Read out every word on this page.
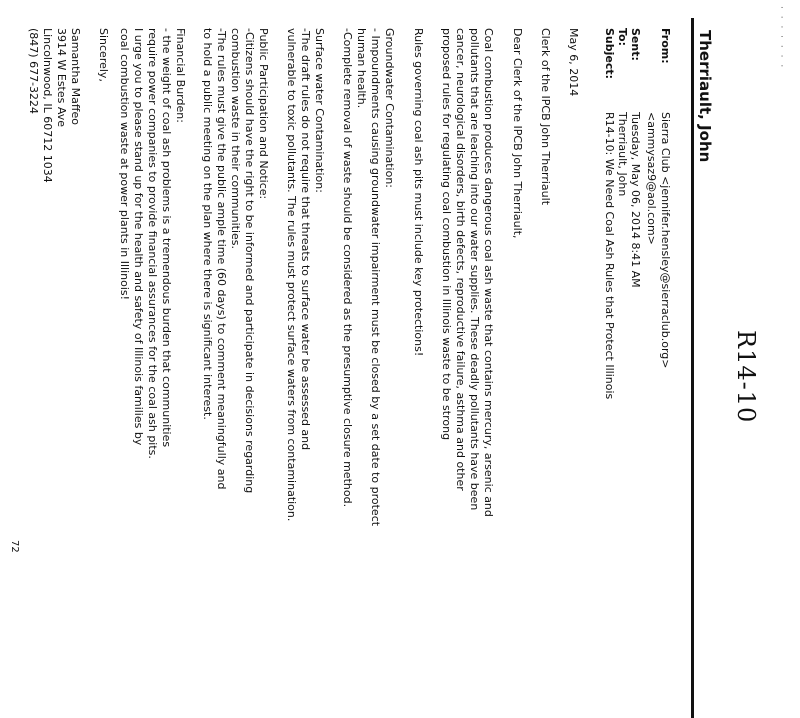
R14-10
· · · · · · ·
Therriault, John
From:
Sierra Club <jennifer.hensley@sierraclub.org>
<ammysaz9@aol.com>
Sent:
Tuesday, May 06, 2014 8:41 AM
To:
Therriault, John
Subject:
R14-10: We Need Coal Ash Rules that Protect Illinois
May 6, 2014
Clerk of the IPCB John Therriault
Dear Clerk of the IPCB John Therriault,
Coal combustion produces dangerous coal ash waste that contains mercury, arsenic and
pollutants that are leaching into our water supplies. These deadly pollutants have been
cancer, neurological disorders, birth defects, reproductive failure, asthma and other
proposed rules for regulating coal combustion in Illinois waste to be strong
Rules governing coal ash pits must include key protections!
Groundwater Contamination:
- Impoundments causing groundwater impairment must be closed by a set date to protect
human health.
-Complete removal of waste should be considered as the presumptive closure method.
Surface water Contamination:
-The draft rules do not require that threats to surface water be assessed and
vulnerable to toxic pollutants. The rules must protect surface waters from contamination.
Public Participation and Notice:
-Citizens should have the right to be informed and participate in decisions regarding
combustion waste in their communities.
-The rules must give the public ample time (60 days) to comment meaningfully and
to hold a public meeting on the plan where there is significant interest.
Financial Burden:
- the weight of coal ash problems is a tremendous burden that communities
require power companies to provide financial assurances for the coal ash pits.
I urge you to please stand up for the health and safety of Illinois families by
coal combustion waste at power plants in Illinois!
Sincerely,
Samantha Maffeo
3914 W Estes Ave
Lincolnwood, IL 60712 1034
(847) 677-3224
72
